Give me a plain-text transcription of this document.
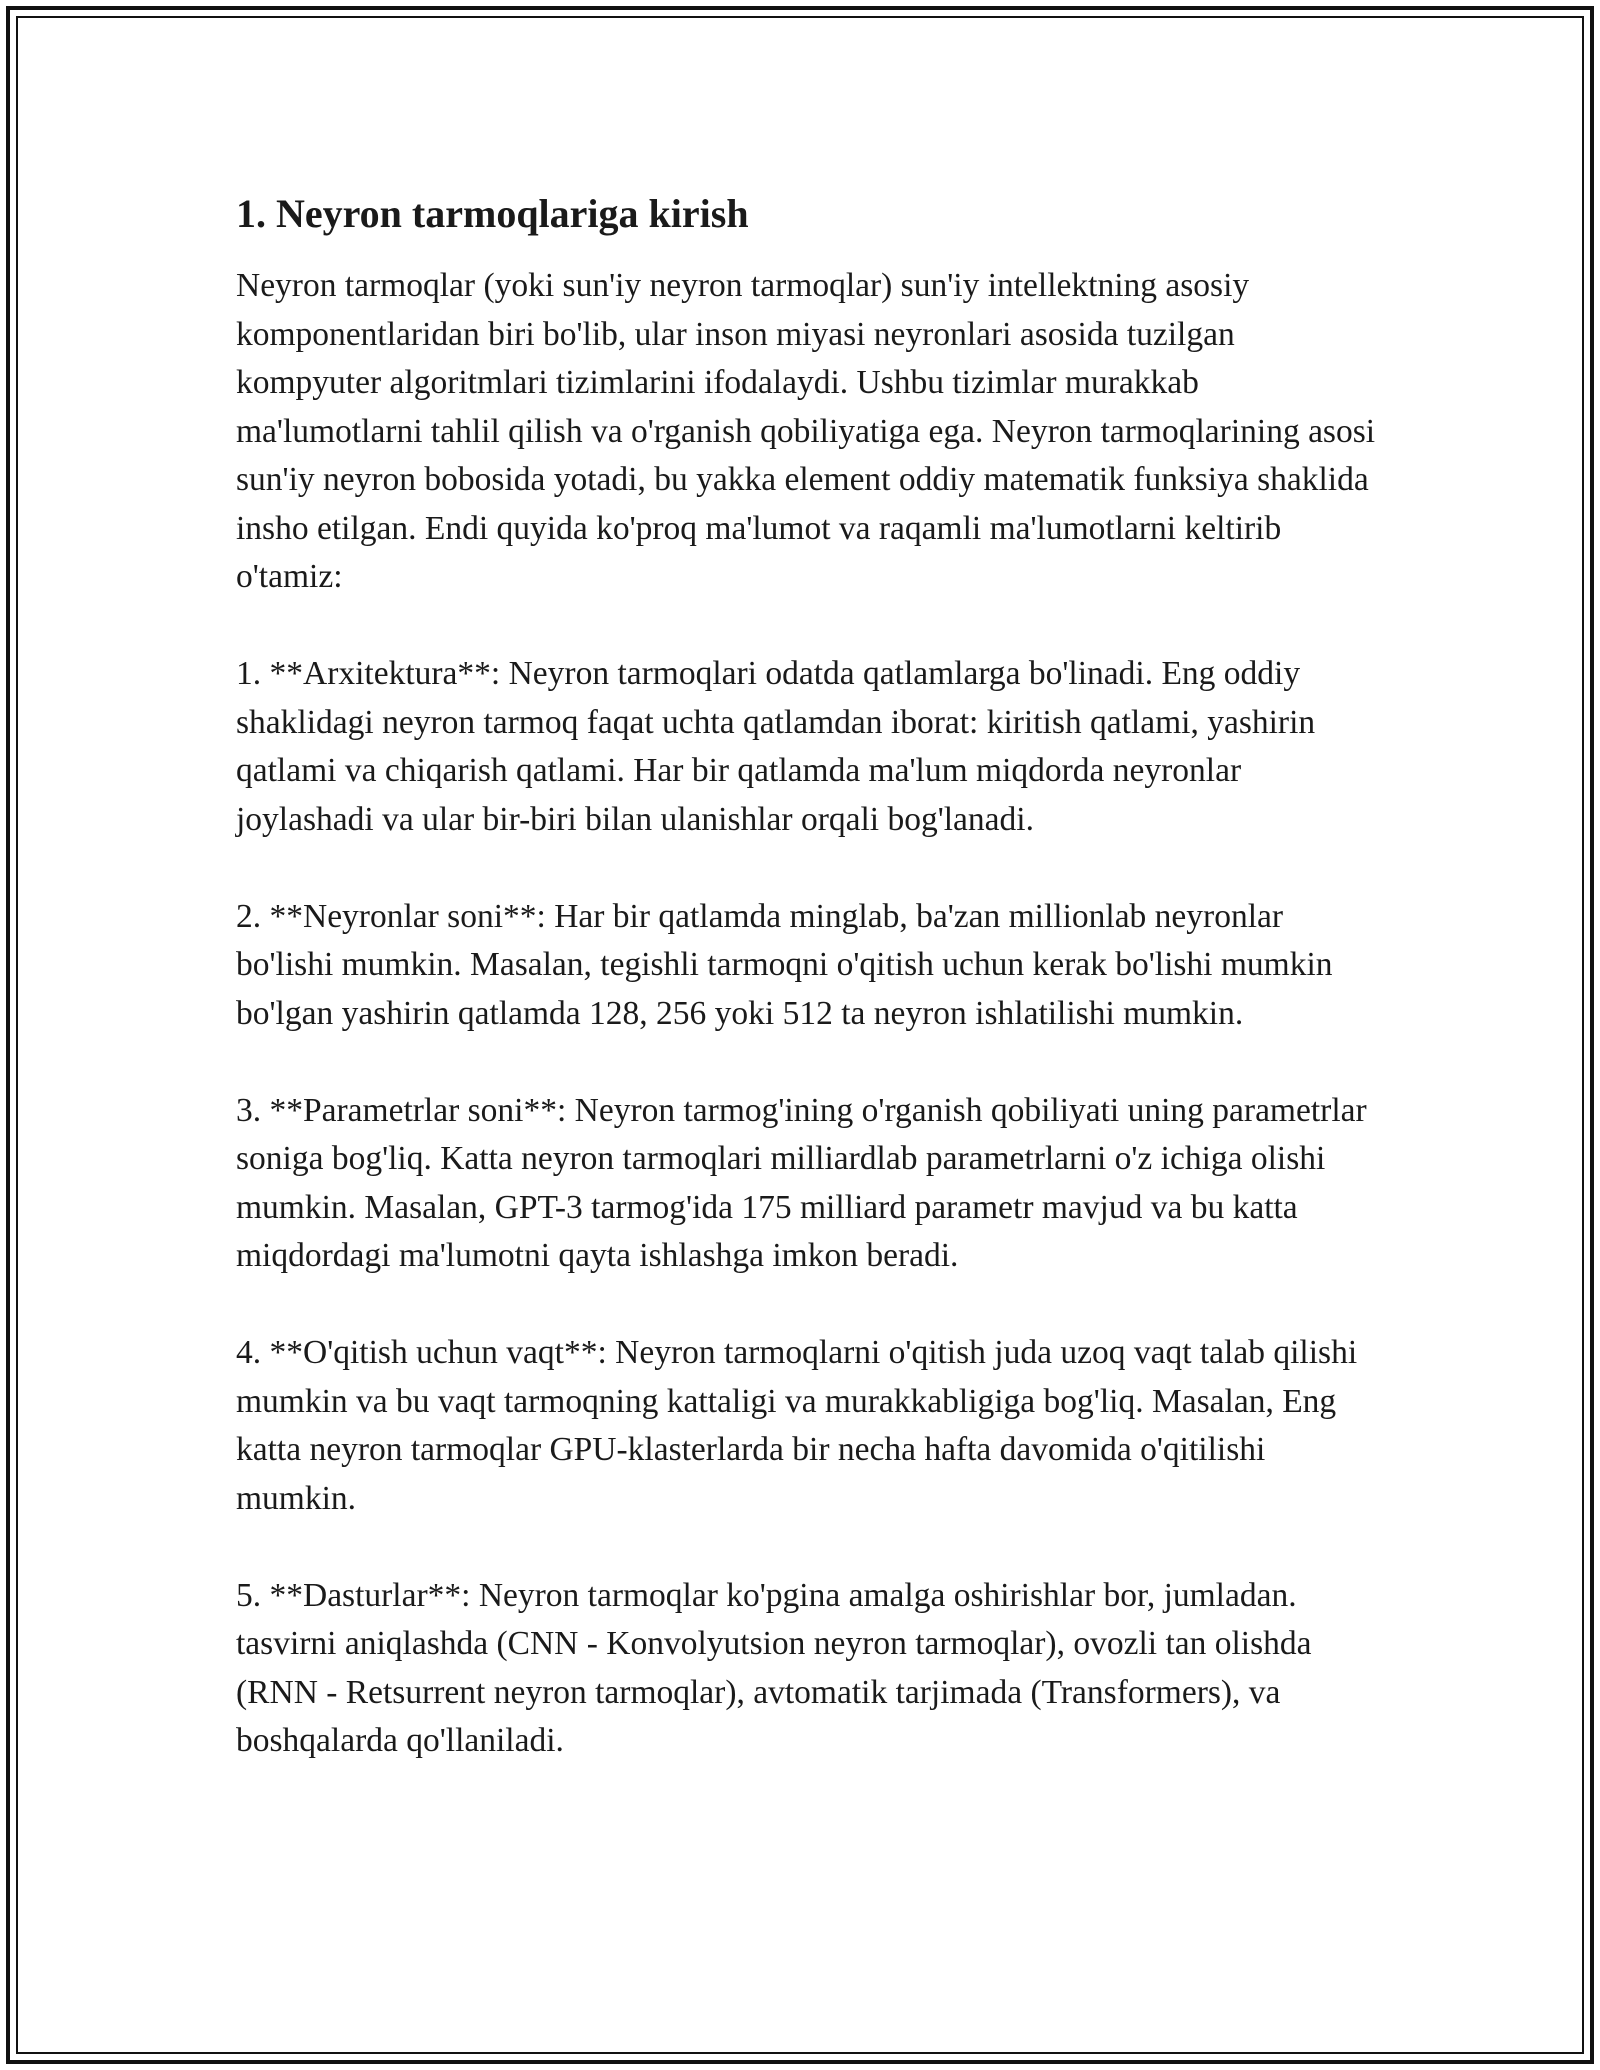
1. Neyron tarmoqlariga kirish

Neyron tarmoqlar (yoki sun'iy neyron tarmoqlar) sun'iy intellektning asosiy komponentlaridan biri bo'lib, ular inson miyasi neyronlari asosida tuzilgan kompyuter algoritmlari tizimlarini ifodalaydi. Ushbu tizimlar murakkab ma'lumotlarni tahlil qilish va o'rganish qobiliyatiga ega. Neyron tarmoqlarining asosi sun'iy neyron bobosida yotadi, bu yakka element oddiy matematik funksiya shaklida insho etilgan. Endi quyida ko'proq ma'lumot va raqamli ma'lumotlarni keltirib o'tamiz:

1. **Arxitektura**: Neyron tarmoqlari odatda qatlamlarga bo'linadi. Eng oddiy shaklidagi neyron tarmoq faqat uchta qatlamdan iborat: kiritish qatlami, yashirin qatlami va chiqarish qatlami. Har bir qatlamda ma'lum miqdorda neyronlar joylashadi va ular bir-biri bilan ulanishlar orqali bog'lanadi.

2. **Neyronlar soni**: Har bir qatlamda minglab, ba'zan millionlab neyronlar bo'lishi mumkin. Masalan, tegishli tarmoqni o'qitish uchun kerak bo'lishi mumkin bo'lgan yashirin qatlamda 128, 256 yoki 512 ta neyron ishlatilishi mumkin.

3. **Parametrlar soni**: Neyron tarmog'ining o'rganish qobiliyati uning parametrlar soniga bog'liq. Katta neyron tarmoqlari milliardlab parametrlarni o'z ichiga olishi mumkin. Masalan, GPT-3 tarmog'ida 175 milliard parametr mavjud va bu katta miqdordagi ma'lumotni qayta ishlashga imkon beradi.

4. **O'qitish uchun vaqt**: Neyron tarmoqlarni o'qitish juda uzoq vaqt talab qilishi mumkin va bu vaqt tarmoqning kattaligi va murakkabligiga bog'liq. Masalan, Eng katta neyron tarmoqlar GPU-klasterlarda bir necha hafta davomida o'qitilishi mumkin.

5. **Dasturlar**: Neyron tarmoqlar ko'pgina amalga oshirishlar bor, jumladan. tasvirni aniqlashda (CNN - Konvolyutsion neyron tarmoqlar), ovozli tan olishda (RNN - Retsurrent neyron tarmoqlar), avtomatik tarjimada (Transformers), va boshqalarda qo'llaniladi.
